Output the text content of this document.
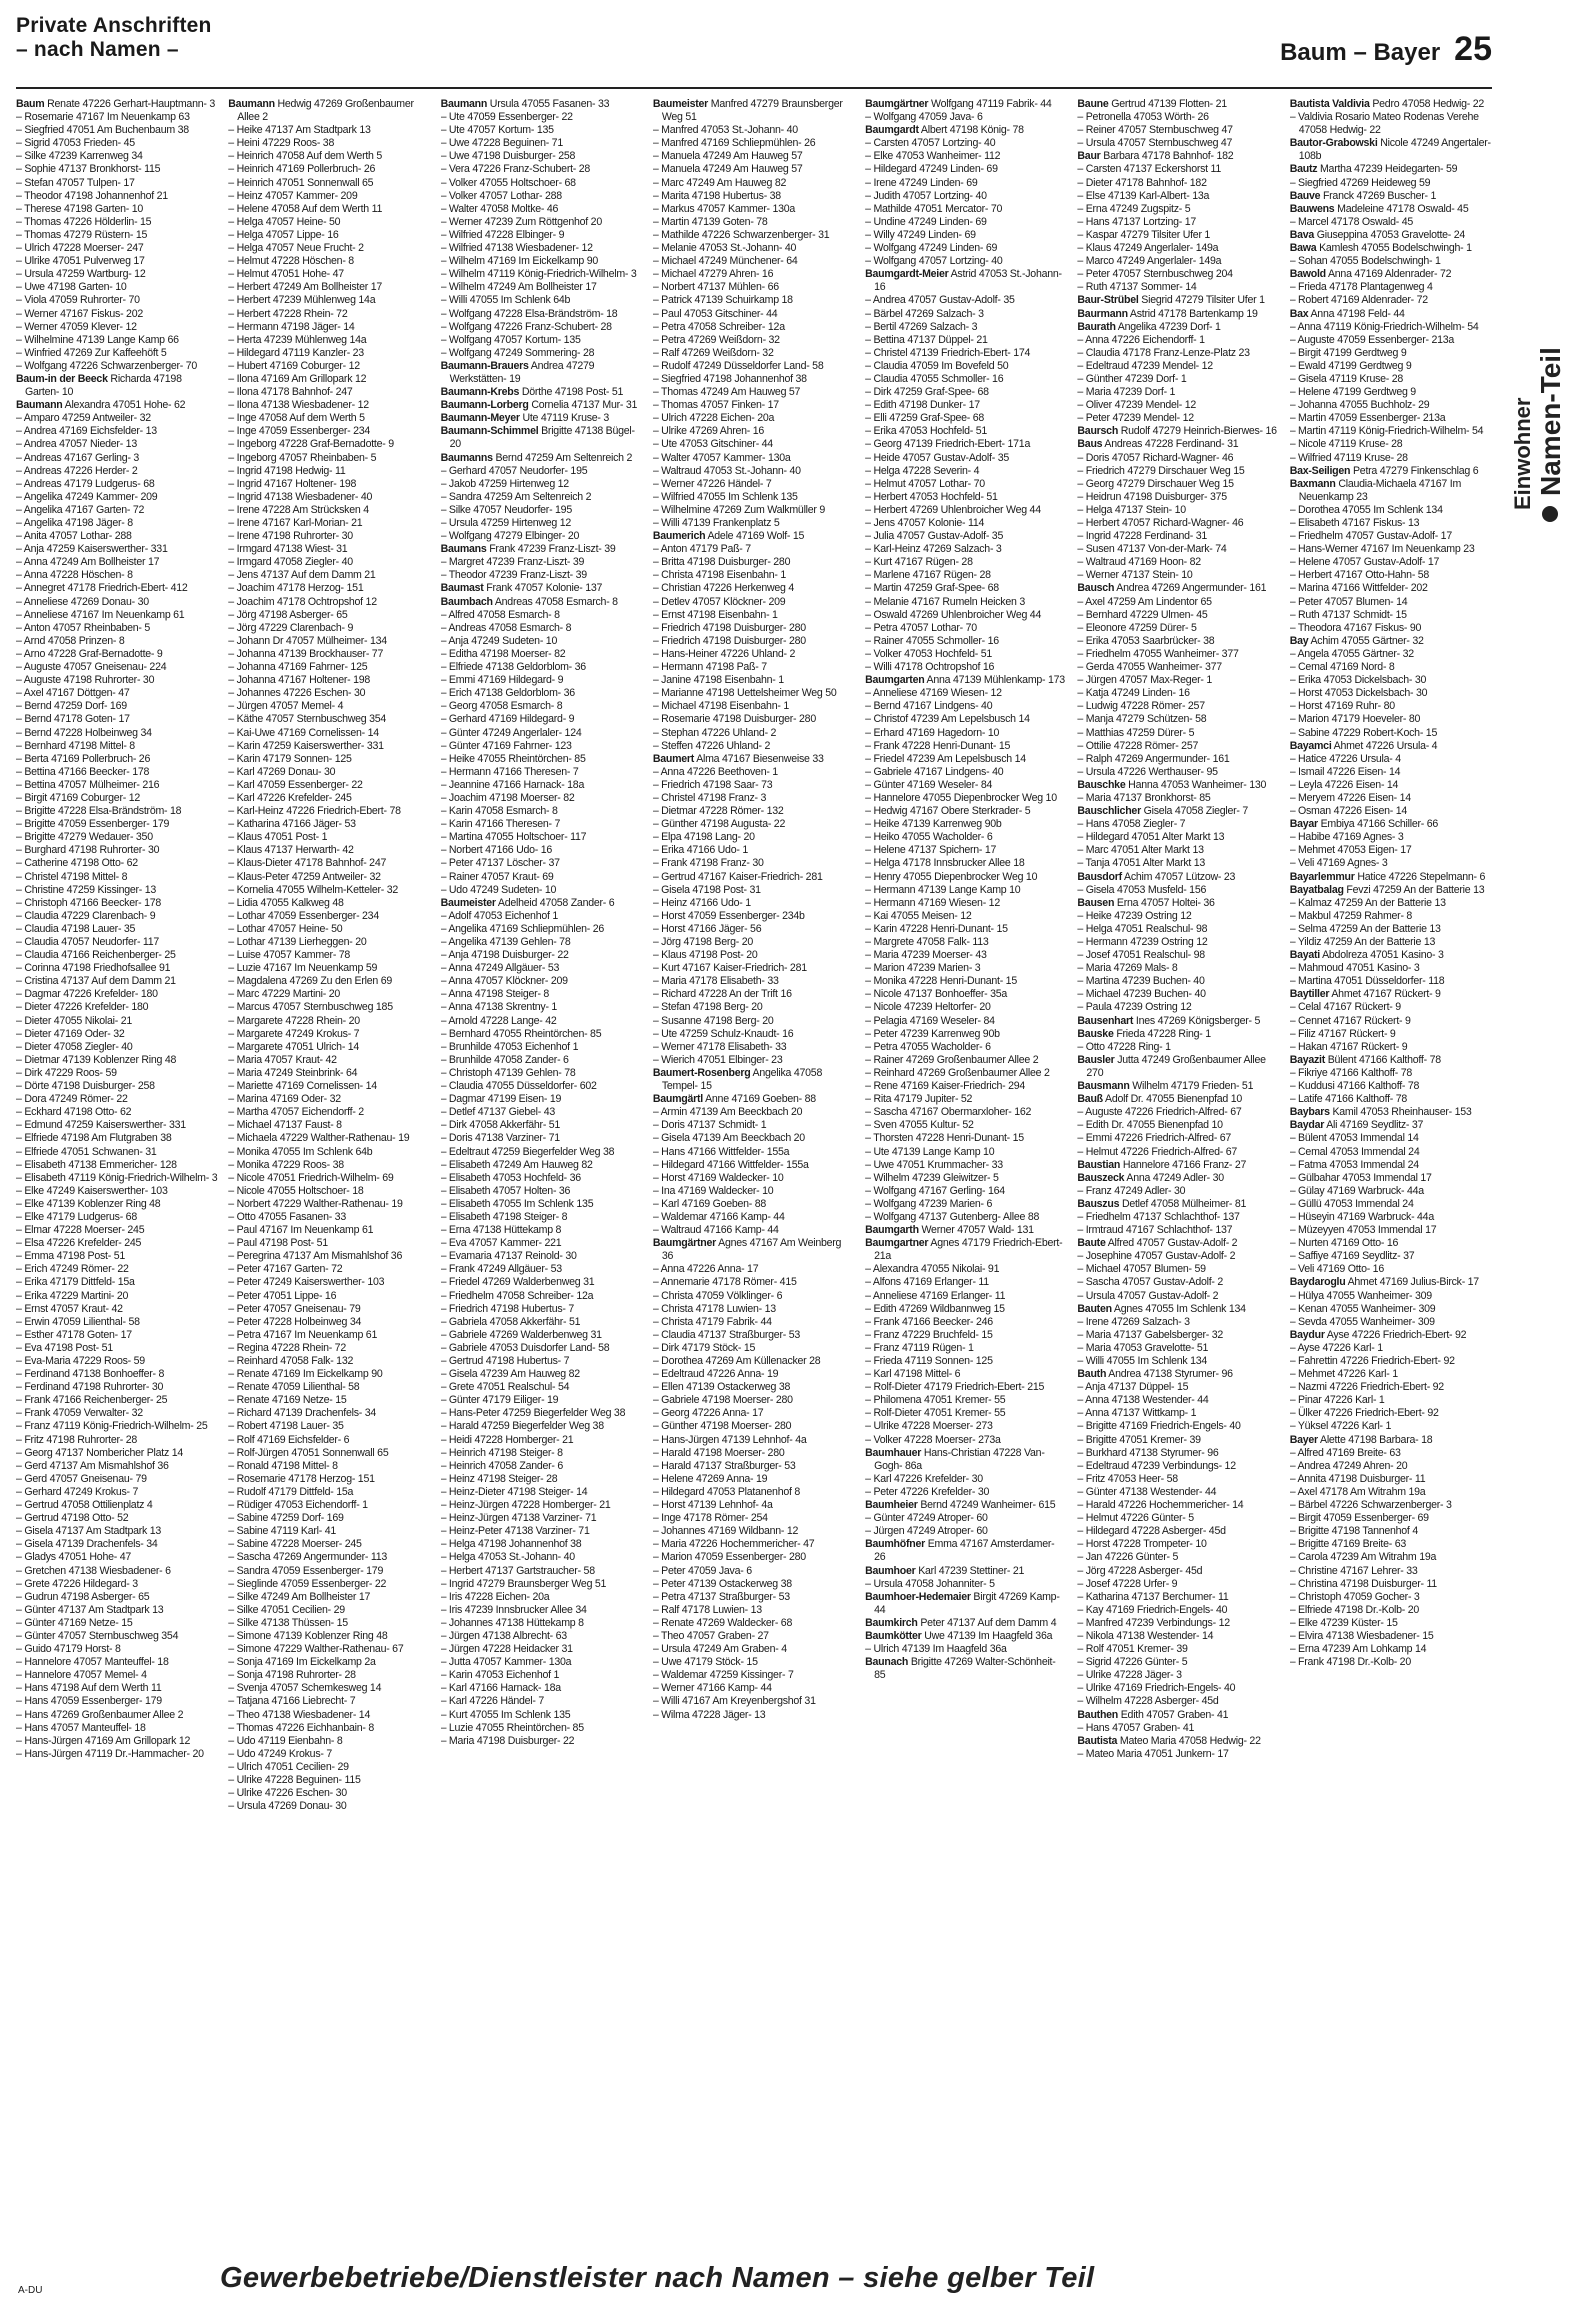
Private Anschriften
– nach Namen –	Baum – Bayer 25
Baum Renate 47226 Gerhart-Hauptmann- 3
– Rosemarie 47167 Im Neuenkamp 63
– Siegfried 47051 Am Buchenbaum 38
– Sigrid 47053 Frieden- 45
– Silke 47239 Karrenweg 34
– Sophie 47137 Bronkhorst- 115
– Stefan 47057 Tulpen- 17
– Theodor 47198 Johannenhof 21
– Therese 47198 Garten- 10
– Thomas 47226 Hölderlin- 15
– Thomas 47279 Rüstern- 15
– Ulrich 47228 Moerser- 247
– Ulrike 47051 Pulverweg 17
– Ursula 47259 Wartburg- 12
– Uwe 47198 Garten- 10
– Viola 47059 Ruhrorter- 70
– Werner 47167 Fiskus- 202
– Werner 47059 Klever- 12
– Wilhelmine 47139 Lange Kamp 66
– Winfried 47269 Zur Kaffeehöft 5
– Wolfgang 47226 Schwarzenberger- 70
Baum-in der Beeck Richarda 47198 Garten- 10
Baumann Alexandra 47051 Hohe- 62
– Amparo 47259 Antweiler- 32
– Andrea 47169 Eichsfelder- 13
– Andrea 47057 Nieder- 13
– Andreas 47167 Gerling- 3
– Andreas 47226 Herder- 2
– Andreas 47179 Ludgerus- 68
– Angelika 47249 Kammer- 209
– Angelika 47167 Garten- 72
– Angelika 47198 Jäger- 8
– Anita 47057 Lothar- 288
– Anja 47259 Kaiserswerther- 331
– Anna 47249 Am Bollheister 17
– Anna 47228 Höschen- 8
– Annegret 47178 Friedrich-Ebert- 412
– Anneliese 47269 Donau- 30
– Anneliese 47167 Im Neuenkamp 61
– Anton 47057 Rheinbaben- 5
– Arnd 47058 Prinzen- 8
– Arno 47228 Graf-Bernadotte- 9
– Auguste 47057 Gneisenau- 224
– Auguste 47198 Ruhrorter- 30
– Axel 47167 Döttgen- 47
– Bernd 47259 Dorf- 169
– Bernd 47178 Goten- 17
– Bernd 47228 Holbeinweg 34
– Bernhard 47198 Mittel- 8
– Berta 47169 Pollerbruch- 26
– Bettina 47166 Beecker- 178
– Bettina 47057 Mülheimer- 216
– Birgit 47169 Coburger- 12
– Brigitte 47228 Elsa-Brändström- 18
– Brigitte 47059 Essenberger- 179
– Brigitte 47279 Wedauer- 350
– Burghard 47198 Ruhrorter- 30
– Catherine 47198 Otto- 62
– Christel 47198 Mittel- 8
– Christine 47259 Kissinger- 13
– Christoph 47166 Beecker- 178
– Claudia 47229 Clarenbach- 9
– Claudia 47198 Lauer- 35
– Claudia 47057 Neudorfer- 117
– Claudia 47166 Reichenberger- 25
– Corinna 47198 Friedhofsallee 91
– Cristina 47137 Auf dem Damm 21
– Dagmar 47226 Krefelder- 180
– Dieter 47226 Krefelder- 180
– Dieter 47055 Nikolai- 21
– Dieter 47169 Oder- 32
– Dieter 47058 Ziegler- 40
– Dietmar 47139 Koblenzer Ring 48
– Dirk 47229 Roos- 59
– Dörte 47198 Duisburger- 258
– Dora 47249 Römer- 22
– Eckhard 47198 Otto- 62
– Edmund 47259 Kaiserswerther- 331
– Elfriede 47198 Am Flutgraben 38
– Elfriede 47051 Schwanen- 31
– Elisabeth 47138 Emmericher- 128
– Elisabeth 47119 König-Friedrich-Wilhelm- 3
– Elke 47249 Kaiserswerther- 103
– Elke 47139 Koblenzer Ring 48
– Elke 47179 Ludgerus- 68
– Elmar 47228 Moerser- 245
– Elsa 47226 Krefelder- 245
– Emma 47198 Post- 51
– Erich 47249 Römer- 22
– Erika 47179 Dittfeld- 15a
– Erika 47229 Martini- 20
– Ernst 47057 Kraut- 42
– Erwin 47059 Lilienthal- 58
– Esther 47178 Goten- 17
– Eva 47198 Post- 51
– Eva-Maria 47229 Roos- 59
– Ferdinand 47138 Bonhoeffer- 8
– Ferdinand 47198 Ruhrorter- 30
– Frank 47166 Reichenberger- 25
– Frank 47059 Verwalter- 32
– Franz 47119 König-Friedrich-Wilhelm- 25
– Fritz 47198 Ruhrorter- 28
– Georg 47137 Nombericher Platz 14
– Gerd 47137 Am Mismahlshof 36
– Gerd 47057 Gneisenau- 79
– Gerhard 47249 Krokus- 7
– Gertrud 47058 Ottilienplatz 4
– Gertrud 47198 Otto- 52
– Gisela 47137 Am Stadtpark 13
– Gisela 47139 Drachenfels- 34
– Gladys 47051 Hohe- 47
– Gretchen 47138 Wiesbadener- 6
– Grete 47226 Hildegard- 3
– Gudrun 47198 Asberger- 65
– Günter 47137 Am Stadtpark 13
– Günter 47169 Netze- 15
– Günter 47057 Sternbuschweg 354
– Guido 47179 Horst- 8
– Hannelore 47057 Manteuffel- 18
– Hannelore 47057 Memel- 4
– Hans 47198 Auf dem Werth 11
– Hans 47059 Essenberger- 179
– Hans 47269 Großenbaumer Allee 2
– Hans 47057 Manteuffel- 18
– Hans-Jürgen 47169 Am Grillopark 12
– Hans-Jürgen 47119 Dr.-Hammacher- 20
Baumann Hedwig 47269 Großenbaumer Allee 2
– Heike 47137 Am Stadtpark 13
– Heini 47229 Roos- 38
– Heinrich 47058 Auf dem Werth 5
– Heinrich 47169 Pollerbruch- 26
– Heinrich 47051 Sonnenwall 65
– Heinz 47057 Kammer- 209
– Helene 47058 Auf dem Werth 11
– Helga 47057 Heine- 50
– Helga 47057 Lippe- 16
– Helga 47057 Neue Frucht- 2
– Helmut 47228 Höschen- 8
– Helmut 47051 Hohe- 47
– Herbert 47249 Am Bollheister 17
– Herbert 47239 Mühlenweg 14a
– Herbert 47228 Rhein- 72
– Hermann 47198 Jäger- 14
– Herta 47239 Mühlenweg 14a
– Hildegard 47119 Kanzler- 23
– Hubert 47169 Coburger- 12
– Ilona 47169 Am Grillopark 12
– Ilona 47178 Bahnhof- 247
– Ilona 47138 Wiesbadener- 12
– Inge 47058 Auf dem Werth 5
– Inge 47059 Essenberger- 234
– Ingeborg 47228 Graf-Bernadotte- 9
– Ingeborg 47057 Rheinbaben- 5
– Ingrid 47198 Hedwig- 11
– Ingrid 47167 Holtener- 198
– Ingrid 47138 Wiesbadener- 40
– Irene 47228 Am Strücksken 4
– Irene 47167 Karl-Morian- 21
– Irene 47198 Ruhrorter- 30
– Irmgard 47138 Wiest- 31
– Irmgard 47058 Ziegler- 40
– Jens 47137 Auf dem Damm 21
– Joachim 47178 Herzog- 151
– Joachim 47178 Ochtropshof 12
– Jörg 47198 Asberger- 65
– Jörg 47229 Clarenbach- 9
– Johann Dr 47057 Mülheimer- 134
– Johanna 47139 Brockhauser- 77
– Johanna 47169 Fahrner- 125
– Johanna 47167 Holtener- 198
– Johannes 47226 Eschen- 30
– Jürgen 47057 Memel- 4
– Käthe 47057 Sternbuschweg 354
– Kai-Uwe 47169 Cornelissen- 14
– Karin 47259 Kaiserswerther- 331
– Karin 47179 Sonnen- 125
– Karl 47269 Donau- 30
– Karl 47059 Essenberger- 22
– Karl 47226 Krefelder- 245
– Karl-Heinz 47226 Friedrich-Ebert- 78
– Katharina 47166 Jäger- 53
– Klaus 47051 Post- 1
– Klaus 47137 Herwarth- 42
– Klaus-Dieter 47178 Bahnhof- 247
– Klaus-Peter 47259 Antweiler- 32
– Kornelia 47055 Wilhelm-Ketteler- 32
– Lidia 47055 Kalkweg 48
– Lothar 47059 Essenberger- 234
– Lothar 47057 Heine- 50
– Lothar 47139 Lierheggen- 20
– Luise 47057 Kammer- 78
– Luzie 47167 Im Neuenkamp 59
– Magdalena 47269 Zu den Erlen 69
– Marc 47229 Martini- 20
– Marcus 47057 Sternbuschweg 185
– Margarete 47228 Rhein- 20
– Margarete 47249 Krokus- 7
– Margarete 47051 Ulrich- 14
– Maria 47057 Kraut- 42
– Maria 47249 Steinbrink- 64
– Mariette 47169 Cornelissen- 14
– Marina 47169 Oder- 32
– Martha 47057 Eichendorff- 2
– Michael 47137 Faust- 8
– Michaela 47229 Walther-Rathenau- 19
– Monika 47055 Im Schlenk 64b
– Monika 47229 Roos- 38
– Nicole 47051 Friedrich-Wilhelm- 69
– Nicole 47055 Holtschoer- 18
– Norbert 47229 Walther-Rathenau- 19
– Otto 47055 Fasanen- 33
– Paul 47167 Im Neuenkamp 61
– Paul 47198 Post- 51
– Peregrina 47137 Am Mismahlshof 36
– Peter 47167 Garten- 72
– Peter 47249 Kaiserswerther- 103
– Peter 47051 Lippe- 16
– Peter 47057 Gneisenau- 79
– Peter 47228 Holbeinweg 34
– Petra 47167 Im Neuenkamp 61
– Regina 47228 Rhein- 72
– Reinhard 47058 Falk- 132
– Renate 47169 Im Eickelkamp 90
– Renate 47059 Lilienthal- 58
– Renate 47169 Netze- 15
– Richard 47139 Drachenfels- 34
– Robert 47198 Lauer- 35
– Rolf 47169 Eichsfelder- 6
– Rolf-Jürgen 47051 Sonnenwall 65
– Ronald 47198 Mittel- 8
– Rosemarie 47178 Herzog- 151
– Rudolf 47179 Dittfeld- 15a
– Rüdiger 47053 Eichendorff- 1
– Sabine 47259 Dorf- 169
– Sabine 47119 Karl- 41
– Sabine 47228 Moerser- 245
– Sascha 47269 Angermunder- 113
– Sandra 47059 Essenberger- 179
– Sieglinde 47059 Essenberger- 22
– Silke 47249 Am Bollheister 17
– Silke 47051 Cecilien- 29
– Silke 47138 Thüssen- 15
– Simone 47139 Koblenzer Ring 48
– Simone 47229 Walther-Rathenau- 67
– Sonja 47169 Im Eickelkamp 2a
– Sonja 47198 Ruhrorter- 28
– Svenja 47057 Schemkesweg 14
– Tatjana 47166 Liebrecht- 7
– Theo 47138 Wiesbadener- 14
– Thomas 47226 Eichhanbain- 8
– Udo 47119 Eienbahn- 8
– Udo 47249 Krokus- 7
– Ulrich 47051 Cecilien- 29
– Ulrike 47228 Beguinen- 115
– Ulrike 47226 Eschen- 30
– Ursula 47269 Donau- 30
Baumann Ursula 47055 Fasanen- 33
– Ute 47059 Essenberger- 22
– Ute 47057 Kortum- 135
– Uwe 47228 Beguinen- 71
– Uwe 47198 Duisburger- 258
– Vera 47226 Franz-Schubert- 28
– Volker 47055 Holtschoer- 68
– Volker 47057 Lothar- 288
– Walter 47058 Moltke- 46
– Werner 47239 Zum Röttgenhof 20
– Wilfried 47228 Elbinger- 9
– Wilfried 47138 Wiesbadener- 12
– Wilhelm 47169 Im Eickelkamp 90
– Wilhelm 47119 König-Friedrich-Wilhelm- 3
– Wilhelm 47249 Am Bollheister 17
– Willi 47055 Im Schlenk 64b
– Wolfgang 47228 Elsa-Brändström- 18
– Wolfgang 47226 Franz-Schubert- 28
– Wolfgang 47057 Kortum- 135
– Wolfgang 47249 Sommering- 28
Baumann-Brauers Andrea 47279 Werkstätten- 19
Baumann-Krebs Dörthe 47198 Post- 51
Baumann-Lorberg Cornelia 47137 Mur- 31
Baumann-Meyer Ute 47119 Kruse- 3
Baumann-Schimmel Brigitte 47138 Bügel- 20
Baumanns Bernd 47259 Am Seltenreich 2
– Gerhard 47057 Neudorfer- 195
– Jakob 47259 Hirtenweg 12
– Sandra 47259 Am Seltenreich 2
– Silke 47057 Neudorfer- 195
– Ursula 47259 Hirtenweg 12
– Wolfgang 47279 Elbinger- 20
Baumans Frank 47239 Franz-Liszt- 39
– Margret 47239 Franz-Liszt- 39
– Theodor 47239 Franz-Liszt- 39
Baumast Frank 47057 Kolonie- 137
Baumbach Andreas 47058 Esmarch- 8
– Alfred 47058 Esmarch- 8
– Andreas 47058 Esmarch- 8
– Anja 47249 Sudeten- 10
– Editha 47198 Moerser- 82
– Elfriede 47138 Geldorblom- 36
– Emmi 47169 Hildegard- 9
– Erich 47138 Geldorblom- 36
– Georg 47058 Esmarch- 8
– Gerhard 47169 Hildegard- 9
– Günter 47249 Angerlaler- 124
– Günter 47169 Fahrner- 123
– Heike 47055 Rheintörchen- 85
– Hermann 47166 Theresen- 7
– Jeannine 47166 Harnack- 18a
– Joachim 47198 Moerser- 82
– Karin 47058 Esmarch- 8
– Karin 47166 Theresen- 7
– Martina 47055 Holtschoer- 117
– Norbert 47166 Udo- 16
– Peter 47137 Löscher- 37
– Rainer 47057 Kraut- 69
– Udo 47249 Sudeten- 10
Baumeister Adelheid 47058 Zander- 6
– Adolf 47053 Eichenhof 1
– Angelika 47169 Schliepmühlen- 26
– Angelika 47139 Gehlen- 78
– Anja 47198 Duisburger- 22
– Anna 47249 Allgäuer- 53
– Anna 47057 Klöckner- 209
– Anna 47198 Steiger- 8
– Anna 47138 Skrentny- 1
– Arnold 47228 Lange- 42
– Bernhard 47055 Rheintörchen- 85
– Brunhilde 47053 Eichenhof 1
– Brunhilde 47058 Zander- 6
– Christoph 47139 Gehlen- 78
– Claudia 47055 Düsseldorfer- 602
– Dagmar 47199 Eisen- 19
– Detlef 47137 Giebel- 43
– Dirk 47058 Akkerfähr- 51
– Doris 47138 Varziner- 71
– Edeltraut 47259 Biegerfelder Weg 38
– Elisabeth 47249 Am Hauweg 82
– Elisabeth 47053 Hochfeld- 36
– Elisabeth 47057 Holten- 36
– Elisabeth 47055 Im Schlenk 135
– Elisabeth 47198 Steiger- 8
– Erna 47138 Hüttekamp 8
– Eva 47057 Kammer- 221
– Evamaria 47137 Reinold- 30
– Frank 47249 Allgäuer- 53
– Friedel 47269 Walderbenweg 31
– Friedhelm 47058 Schreiber- 12a
– Friedrich 47198 Hubertus- 7
– Gabriela 47058 Akkerfähr- 51
– Gabriele 47269 Walderbenweg 31
– Gabriele 47053 Duisdorfer Land- 58
– Gertrud 47198 Hubertus- 7
– Gisela 47239 Am Hauweg 82
– Grete 47051 Realschul- 54
– Günter 47179 Eiliger- 19
– Hans-Peter 47259 Biegerfelder Weg 38
– Harald 47259 Biegerfelder Weg 38
– Heidi 47228 Homberger- 21
– Heinrich 47198 Steiger- 8
– Heinrich 47058 Zander- 6
– Heinz 47198 Steiger- 28
– Heinz-Dieter 47198 Steiger- 14
– Heinz-Jürgen 47228 Homberger- 21
– Heinz-Jürgen 47138 Varziner- 71
– Heinz-Peter 47138 Varziner- 71
– Helga 47198 Johannenhof 38
– Helga 47053 St.-Johann- 40
– Herbert 47137 Gartstraucher- 58
– Ingrid 47279 Braunsberger Weg 51
– Iris 47228 Eichen- 20a
– Iris 47239 Innsbrucker Allee 34
– Johannes 47138 Hüttekamp 8
– Jürgen 47138 Albrecht- 63
– Jürgen 47228 Heidacker 31
– Jutta 47057 Kammer- 130a
– Karin 47053 Eichenhof 1
– Karl 47166 Harnack- 18a
– Karl 47226 Händel- 7
– Kurt 47055 Im Schlenk 135
– Luzie 47055 Rheintörchen- 85
– Maria 47198 Duisburger- 22
Baumeister Manfred 47279 Braunsberger Weg 51
– Manfred 47053 St.-Johann- 40
– Manfred 47169 Schliepmühlen- 26
– Manuela 47249 Am Hauweg 57
– Manuela 47249 Am Hauweg 57
– Marc 47249 Am Hauweg 82
– Marita 47198 Hubertus- 38
– Markus 47057 Kammer- 130a
– Martin 47139 Goten- 78
– Mathilde 47226 Schwarzenberger- 31
– Melanie 47053 St.-Johann- 40
– Michael 47249 Münchener- 64
– Michael 47279 Ahren- 16
– Norbert 47137 Mühlen- 66
– Patrick 47139 Schuirkamp 18
– Paul 47053 Gitschiner- 44
– Petra 47058 Schreiber- 12a
– Petra 47269 Weißdorn- 32
– Ralf 47269 Weißdorn- 32
– Rudolf 47249 Düsseldorfer Land- 58
– Siegfried 47198 Johannenhof 38
– Thomas 47249 Am Hauweg 57
– Thomas 47057 Finken- 17
– Ulrich 47228 Eichen- 20a
– Ulrike 47269 Ahren- 16
– Ute 47053 Gitschiner- 44
– Walter 47057 Kammer- 130a
– Waltraud 47053 St.-Johann- 40
– Werner 47226 Händel- 7
– Wilfried 47055 Im Schlenk 135
– Wilhelmine 47269 Zum Walkmüller 9
– Willi 47139 Frankenplatz 5
Baumerich Adele 47169 Wolf- 15
– Anton 47179 Paß- 7
– Britta 47198 Duisburger- 280
– Christa 47198 Eisenbahn- 1
– Christian 47226 Herkenweg 4
– Detlev 47057 Klöckner- 209
– Ernst 47198 Eisenbahn- 1
– Friedrich 47198 Duisburger- 280
– Friedrich 47198 Duisburger- 280
– Hans-Heiner 47226 Uhland- 2
– Hermann 47198 Paß- 7
– Janine 47198 Eisenbahn- 1
– Marianne 47198 Uettelsheimer Weg 50
– Michael 47198 Eisenbahn- 1
– Rosemarie 47198 Duisburger- 280
– Stephan 47226 Uhland- 2
– Steffen 47226 Uhland- 2
Baumert Alma 47167 Biesenweise 33
– Anna 47226 Beethoven- 1
– Friedrich 47198 Saar- 73
– Christel 47198 Franz- 3
– Dietmar 47228 Römer- 132
– Günther 47198 Augusta- 22
– Elpa 47198 Lang- 20
– Erika 47166 Udo- 1
– Frank 47198 Franz- 30
– Gertrud 47167 Kaiser-Friedrich- 281
– Gisela 47198 Post- 31
– Heinz 47166 Udo- 1
– Horst 47059 Essenberger- 234b
– Horst 47166 Jäger- 56
– Jörg 47198 Berg- 20
– Klaus 47198 Post- 20
– Kurt 47167 Kaiser-Friedrich- 281
– Maria 47178 Elisabeth- 33
– Richard 47228 An der Trift 16
– Stefan 47198 Berg- 20
– Susanne 47198 Berg- 20
– Ute 47259 Schulz-Knaudt- 16
– Werner 47178 Elisabeth- 33
– Wierich 47051 Elbinger- 23
Baumert-Rosenberg Angelika 47058 Tempel- 15
Baumgärtl Anne 47169 Goeben- 88
– Armin 47139 Am Beeckbach 20
– Doris 47137 Schmidt- 1
– Gisela 47139 Am Beeckbach 20
– Hans 47166 Wittfelder- 155a
– Hildegard 47166 Wittfelder- 155a
– Horst 47169 Waldecker- 10
– Ina 47169 Waldecker- 10
– Karl 47169 Goeben- 88
– Waldemar 47166 Kamp- 44
– Waltraud 47166 Kamp- 44
Baumgärtner Agnes 47167 Am Weinberg 36
– Anna 47226 Anna- 17
– Annemarie 47178 Römer- 415
– Christa 47059 Völklinger- 6
– Christa 47178 Luwien- 13
– Christa 47179 Fabrik- 44
– Claudia 47137 Straßburger- 53
– Dirk 47179 Stöck- 15
– Dorothea 47269 Am Küllenacker 28
– Edeltraud 47226 Anna- 19
– Ellen 47139 Ostackerweg 38
– Gabriele 47198 Moerser- 280
– Georg 47226 Anna- 17
– Günther 47198 Moerser- 280
– Hans-Jürgen 47139 Lehnhof- 4a
– Harald 47198 Moerser- 280
– Harald 47137 Straßburger- 53
– Helene 47269 Anna- 19
– Hildegard 47053 Platanenhof 8
– Horst 47139 Lehnhof- 4a
– Inge 47178 Römer- 254
– Johannes 47169 Wildbann- 12
– Maria 47226 Hochemmericher- 47
– Marion 47059 Essenberger- 280
– Peter 47059 Java- 6
– Peter 47139 Ostackerweg 38
– Petra 47137 Straßburger- 53
– Ralf 47178 Luwien- 13
– Renate 47269 Waldecker- 68
– Theo 47057 Graben- 27
– Ursula 47249 Am Graben- 4
– Uwe 47179 Stöck- 15
– Waldemar 47259 Kissinger- 7
– Werner 47166 Kamp- 44
– Willi 47167 Am Kreyenbergshof 31
– Wilma 47228 Jäger- 13
Baumgärtner Wolfgang 47119 Fabrik- 44
– Wolfgang 47059 Java- 6
Baumgardt Albert 47198 König- 78
– Carsten 47057 Lortzing- 40
– Elke 47053 Wanheimer- 112
– Hildegard 47249 Linden- 69
– Irene 47249 Linden- 69
– Judith 47057 Lortzing- 40
– Mathilde 47051 Mercator- 70
– Undine 47249 Linden- 69
– Willy 47249 Linden- 69
– Wolfgang 47249 Linden- 69
– Wolfgang 47057 Lortzing- 40
Baumgardt-Meier Astrid 47053 St.-Johann- 16
– Andrea 47057 Gustav-Adolf- 35
– Bärbel 47269 Salzach- 3
– Bertil 47269 Salzach- 3
– Bettina 47137 Düppel- 21
– Christel 47139 Friedrich-Ebert- 174
– Claudia 47059 Im Bovefeld 50
– Claudia 47055 Schmoller- 16
– Dirk 47259 Graf-Spee- 68
– Edith 47198 Dunker- 17
– Elli 47259 Graf-Spee- 68
– Erika 47053 Hochfeld- 51
– Georg 47139 Friedrich-Ebert- 171a
– Heide 47057 Gustav-Adolf- 35
– Helga 47228 Severin- 4
– Helmut 47057 Lothar- 70
– Herbert 47053 Hochfeld- 51
– Herbert 47269 Uhlenbroicher Weg 44
– Jens 47057 Kolonie- 114
– Julia 47057 Gustav-Adolf- 35
– Karl-Heinz 47269 Salzach- 3
– Kurt 47167 Rügen- 28
– Marlene 47167 Rügen- 28
– Martin 47259 Graf-Spee- 68
– Melanie 47167 Rumeln Heicken 3
– Oswald 47269 Uhlenbroicher Weg 44
– Petra 47057 Lothar- 70
– Rainer 47055 Schmoller- 16
– Volker 47053 Hochfeld- 51
– Willi 47178 Ochtropshof 16
Baumgarten Anna 47139 Mühlenkamp- 173
– Anneliese 47169 Wiesen- 12
– Bernd 47167 Lindgens- 40
– Christof 47239 Am Lepelsbusch 14
– Erhard 47169 Hagedorn- 10
– Frank 47228 Henri-Dunant- 15
– Friedel 47239 Am Lepelsbusch 14
– Gabriele 47167 Lindgens- 40
– Günter 47169 Weseler- 84
– Hannelore 47055 Diepenbrocker Weg 10
– Hedwig 47167 Obere Sterkrader- 5
– Heike 47139 Karrenweg 90b
– Heiko 47055 Wacholder- 6
– Helene 47137 Spichern- 17
– Helga 47178 Innsbrucker Allee 18
– Henry 47055 Diepenbrocker Weg 10
– Hermann 47139 Lange Kamp 10
– Hermann 47169 Wiesen- 12
– Kai 47055 Meisen- 12
– Karin 47228 Henri-Dunant- 15
– Margrete 47058 Falk- 113
– Maria 47239 Moerser- 43
– Marion 47239 Marien- 3
– Monika 47228 Henri-Dunant- 15
– Nicole 47137 Bonhoeffer- 35a
– Nicole 47239 Heltorfer- 20
– Pelagia 47169 Weseler- 84
– Peter 47239 Karrenweg 90b
– Petra 47055 Wacholder- 6
– Rainer 47269 Großenbaumer Allee 2
– Reinhard 47269 Großenbaumer Allee 2
– Rene 47169 Kaiser-Friedrich- 294
– Rita 47179 Jupiter- 52
– Sascha 47167 Obermarxloher- 162
– Sven 47055 Kultur- 52
– Thorsten 47228 Henri-Dunant- 15
– Ute 47139 Lange Kamp 10
– Uwe 47051 Krummacher- 33
– Wilhelm 47239 Gleiwitzer- 5
– Wolfgang 47167 Gerling- 164
– Wolfgang 47239 Marien- 6
– Wolfgang 47137 Gutenberg- Allee 88
Baumgarth Werner 47057 Wald- 131
Baumgartner Agnes 47179 Friedrich-Ebert- 21a
– Alexandra 47055 Nikolai- 91
– Alfons 47169 Erlanger- 11
– Anneliese 47169 Erlanger- 11
– Edith 47269 Wildbannweg 15
– Frank 47166 Beecker- 246
– Franz 47229 Bruchfeld- 15
– Franz 47119 Rügen- 1
– Frieda 47119 Sonnen- 125
– Karl 47198 Mittel- 6
– Rolf-Dieter 47179 Friedrich-Ebert- 215
– Philomena 47051 Kremer- 55
– Rolf-Dieter 47051 Kremer- 55
– Ulrike 47228 Moerser- 273
– Volker 47228 Moerser- 273a
Baumhauer Hans-Christian 47228 Van-Gogh- 86a
– Karl 47226 Krefelder- 30
– Peter 47226 Krefelder- 30
Baumheier Bernd 47249 Wanheimer- 615
– Günter 47249 Atroper- 60
– Jürgen 47249 Atroper- 60
Baumhöfner Emma 47167 Amsterdamer- 26
Baumhoer Karl 47239 Stettiner- 21
– Ursula 47058 Johanniter- 5
Baumhoer-Hedemaier Birgit 47269 Kamp- 44
Baumkirch Peter 47137 Auf dem Damm 4
Baumkötter Uwe 47139 Im Haagfeld 36a
– Ulrich 47139 Im Haagfeld 36a
Baunach Brigitte 47269 Walter-Schönheit- 85
Baune Gertrud 47139 Flotten- 21
– Petronella 47053 Wörth- 26
– Reiner 47057 Sternbuschweg 47
– Ursula 47057 Sternbuschweg 47
Baur Barbara 47178 Bahnhof- 182
– Carsten 47137 Eckershorst 11
– Dieter 47178 Bahnhof- 182
– Else 47139 Karl-Albert- 13a
– Erna 47249 Zugspitz- 5
– Hans 47137 Lortzing- 17
– Kaspar 47279 Tilsiter Ufer 1
– Klaus 47249 Angerlaler- 149a
– Marco 47249 Angerlaler- 149a
– Peter 47057 Sternbuschweg 204
– Ruth 47137 Sommer- 14
Baur-Strübel Siegrid 47279 Tilsiter Ufer 1
Baurmann Astrid 47178 Bartenkamp 19
Baurath Angelika 47239 Dorf- 1
– Anna 47226 Eichendorff- 1
– Claudia 47178 Franz-Lenze-Platz 23
– Edeltraud 47239 Mendel- 12
– Günther 47239 Dorf- 1
– Maria 47239 Dorf- 1
– Oliver 47239 Mendel- 12
– Peter 47239 Mendel- 12
Baursch Rudolf 47279 Heinrich-Bierwes- 16
Baus Andreas 47228 Ferdinand- 31
– Doris 47057 Richard-Wagner- 46
– Friedrich 47279 Dirschauer Weg 15
– Georg 47279 Dirschauer Weg 15
– Heidrun 47198 Duisburger- 375
– Helga 47137 Stein- 10
– Herbert 47057 Richard-Wagner- 46
– Ingrid 47228 Ferdinand- 31
– Susen 47137 Von-der-Mark- 74
– Waltraud 47169 Hoon- 82
– Werner 47137 Stein- 10
Bausch Andrea 47269 Angermunder- 161
– Axel 47259 Am Lindentor 65
– Bernhard 47229 Ulmen- 45
– Eleonore 47259 Dürer- 5
– Erika 47053 Saarbrücker- 38
– Friedhelm 47055 Wanheimer- 377
– Gerda 47055 Wanheimer- 377
– Jürgen 47057 Max-Reger- 1
– Katja 47249 Linden- 16
– Ludwig 47228 Römer- 257
– Manja 47279 Schützen- 58
– Matthias 47259 Dürer- 5
– Ottilie 47228 Römer- 257
– Ralph 47269 Angermunder- 161
– Ursula 47226 Werthauser- 95
Bauschke Hanna 47053 Wanheimer- 130
– Maria 47137 Bronkhorst- 85
Bauschlicher Gisela 47058 Ziegler- 7
– Hans 47058 Ziegler- 7
– Hildegard 47051 Alter Markt 13
– Marc 47051 Alter Markt 13
– Tanja 47051 Alter Markt 13
Bausdorf Achim 47057 Lützow- 23
– Gisela 47053 Musfeld- 156
Bausen Erna 47057 Holtei- 36
– Heike 47239 Ostring 12
– Helga 47051 Realschul- 98
– Hermann 47239 Ostring 12
– Josef 47051 Realschul- 98
– Maria 47269 Mals- 8
– Martina 47239 Buchen- 40
– Michael 47239 Buchen- 40
– Paula 47239 Ostring 12
Bausenhart Ines 47269 Königsberger- 5
Bauske Frieda 47228 Ring- 1
– Otto 47228 Ring- 1
Bausler Jutta 47249 Großenbaumer Allee 270
Bausmann Wilhelm 47179 Frieden- 51
Bauß Adolf Dr. 47055 Bienenpfad 10
– Auguste 47226 Friedrich-Alfred- 67
– Edith Dr. 47055 Bienenpfad 10
– Emmi 47226 Friedrich-Alfred- 67
– Helmut 47226 Friedrich-Alfred- 67
Baustian Hannelore 47166 Franz- 27
Bauszeck Anna 47249 Adler- 30
– Franz 47249 Adler- 30
Bauszus Detlef 47058 Mülheimer- 81
– Friedhelm 47137 Schlachthof- 137
– Irmtraud 47167 Schlachthof- 137
Baute Alfred 47057 Gustav-Adolf- 2
– Josephine 47057 Gustav-Adolf- 2
– Michael 47057 Blumen- 59
– Sascha 47057 Gustav-Adolf- 2
– Ursula 47057 Gustav-Adolf- 2
Bauten Agnes 47055 Im Schlenk 134
– Irene 47269 Salzach- 3
– Maria 47137 Gabelsberger- 32
– Maria 47053 Gravelotte- 51
– Willi 47055 Im Schlenk 134
Bauth Andrea 47138 Styrumer- 96
– Anja 47137 Düppel- 15
– Anna 47138 Westender- 44
– Anna 47137 Wittkamp- 1
– Brigitte 47169 Friedrich-Engels- 40
– Brigitte 47051 Kremer- 39
– Burkhard 47138 Styrumer- 96
– Edeltraud 47239 Verbindungs- 12
– Fritz 47053 Heer- 58
– Günter 47138 Westender- 44
– Harald 47226 Hochemmericher- 14
– Helmut 47226 Günter- 5
– Hildegard 47228 Asberger- 45d
– Horst 47228 Trompeter- 10
– Jan 47226 Günter- 5
– Jörg 47228 Asberger- 45d
– Josef 47228 Urfer- 9
– Katharina 47137 Berchumer- 11
– Kay 47169 Friedrich-Engels- 40
– Manfred 47239 Verbindungs- 12
– Nikola 47138 Westender- 14
– Rolf 47051 Kremer- 39
– Sigrid 47226 Günter- 5
– Ulrike 47228 Jäger- 3
– Ulrike 47169 Friedrich-Engels- 40
– Wilhelm 47228 Asberger- 45d
Bauthen Edith 47057 Graben- 41
– Hans 47057 Graben- 41
Bautista Mateo Maria 47058 Hedwig- 22
– Mateo Maria 47051 Junkern- 17
Bautista Valdivia Pedro 47058 Hedwig- 22
– Valdivia Rosario Mateo Rodenas Verehe 47058 Hedwig- 22
Bautor-Grabowski Nicole 47249 Angertaler- 108b
Bautz Martha 47239 Heidegarten- 59
– Siegfried 47269 Heideweg 59
Bauve Franck 47269 Buscher- 1
Bauwens Madeleine 47178 Oswald- 45
– Marcel 47178 Oswald- 45
Bava Giuseppina 47053 Gravelotte- 24
Bawa Kamlesh 47055 Bodelschwingh- 1
– Sohan 47055 Bodelschwingh- 1
Bawold Anna 47169 Aldenrader- 72
– Frieda 47178 Plantagenweg 4
– Robert 47169 Aldenrader- 72
Bax Anna 47198 Feld- 44
– Anna 47119 König-Friedrich-Wilhelm- 54
– Auguste 47059 Essenberger- 213a
– Birgit 47199 Gerdtweg 9
– Ewald 47199 Gerdtweg 9
– Gisela 47119 Kruse- 28
– Helene 47199 Gerdtweg 9
– Johanna 47055 Buchholz- 29
– Martin 47059 Essenberger- 213a
– Martin 47119 König-Friedrich-Wilhelm- 54
– Nicole 47119 Kruse- 28
– Wilfried 47119 Kruse- 28
Bax-Seiligen Petra 47279 Finkenschlag 6
Baxmann Claudia-Michaela 47167 Im Neuenkamp 23
– Dorothea 47055 Im Schlenk 134
– Elisabeth 47167 Fiskus- 13
– Friedhelm 47057 Gustav-Adolf- 17
– Hans-Werner 47167 Im Neuenkamp 23
– Helene 47057 Gustav-Adolf- 17
– Herbert 47167 Otto-Hahn- 58
– Marina 47166 Wittfelder- 202
– Peter 47057 Blumen- 14
– Ruth 47137 Schmidt- 15
– Theodora 47167 Fiskus- 90
Bay Achim 47055 Gärtner- 32
– Angela 47055 Gärtner- 32
– Cemal 47169 Nord- 8
– Erika 47053 Dickelsbach- 30
– Horst 47053 Dickelsbach- 30
– Horst 47169 Ruhr- 80
– Marion 47179 Hoeveler- 80
– Sabine 47229 Robert-Koch- 15
Bayamci Ahmet 47226 Ursula- 4
– Hatice 47226 Ursula- 4
– Ismail 47226 Eisen- 14
– Leyla 47226 Eisen- 14
– Meryem 47226 Eisen- 14
– Osman 47226 Eisen- 14
Bayar Embiya 47166 Schiller- 66
– Habibe 47169 Agnes- 3
– Mehmet 47053 Eigen- 17
– Veli 47169 Agnes- 3
Bayarlemmur Hatice 47226 Stepelmann- 6
Bayatbalag Fevzi 47259 An der Batterie 13
– Kalmaz 47259 An der Batterie 13
– Makbul 47259 Rahmer- 8
– Selma 47259 An der Batterie 13
– Yildiz 47259 An der Batterie 13
Bayati Abdolreza 47051 Kasino- 3
– Mahmoud 47051 Kasino- 3
– Martina 47051 Düsseldorfer- 118
Baytiller Ahmet 47167 Rückert- 9
– Celal 47167 Rückert- 9
– Cennet 47167 Rückert- 9
– Filiz 47167 Rückert- 9
– Hakan 47167 Rückert- 9
Bayazit Bülent 47166 Kalthoff- 78
– Fikriye 47166 Kalthoff- 78
– Kuddusi 47166 Kalthoff- 78
– Latife 47166 Kalthoff- 78
Baybars Kamil 47053 Rheinhauser- 153
Baydar Ali 47169 Seydlitz- 37
– Bülent 47053 Immendal 14
– Cemal 47053 Immendal 24
– Fatma 47053 Immendal 24
– Gülbahar 47053 Immendal 17
– Gülay 47169 Warbruck- 44a
– Güllü 47053 Immendal 24
– Hüseyin 47169 Warbruck- 44a
– Müzeyyen 47053 Immendal 17
– Nurten 47169 Otto- 16
– Saffiye 47169 Seydlitz- 37
– Veli 47169 Otto- 16
Baydaroglu Ahmet 47169 Julius-Birck- 17
– Hülya 47055 Wanheimer- 309
– Kenan 47055 Wanheimer- 309
– Sevda 47055 Wanheimer- 309
Baydur Ayse 47226 Friedrich-Ebert- 92
– Ayse 47226 Karl- 1
– Fahrettin 47226 Friedrich-Ebert- 92
– Mehmet 47226 Karl- 1
– Nazmi 47226 Friedrich-Ebert- 92
– Pinar 47226 Karl- 1
– Ülker 47226 Friedrich-Ebert- 92
– Yüksel 47226 Karl- 1
Bayer Alette 47198 Barbara- 18
– Alfred 47169 Breite- 63
– Andrea 47249 Ahren- 20
– Annita 47198 Duisburger- 11
– Axel 47178 Am Witrahm 19a
– Bärbel 47226 Schwarzenberger- 3
– Birgit 47059 Essenberger- 69
– Brigitte 47198 Tannenhof 4
– Brigitte 47169 Breite- 63
– Carola 47239 Am Witrahm 19a
– Christine 47167 Lehrer- 33
– Christina 47198 Duisburger- 11
– Christoph 47059 Gocher- 3
– Elfriede 47198 Dr.-Kolb- 20
– Elke 47239 Küster- 15
– Elvira 47138 Wiesbadener- 15
– Erna 47239 Am Lohkamp 14
– Frank 47198 Dr.-Kolb- 20
Einwohner Namen-Teil
Gewerbebetriebe/Dienstleister nach Namen – siehe gelber Teil
A-DU
